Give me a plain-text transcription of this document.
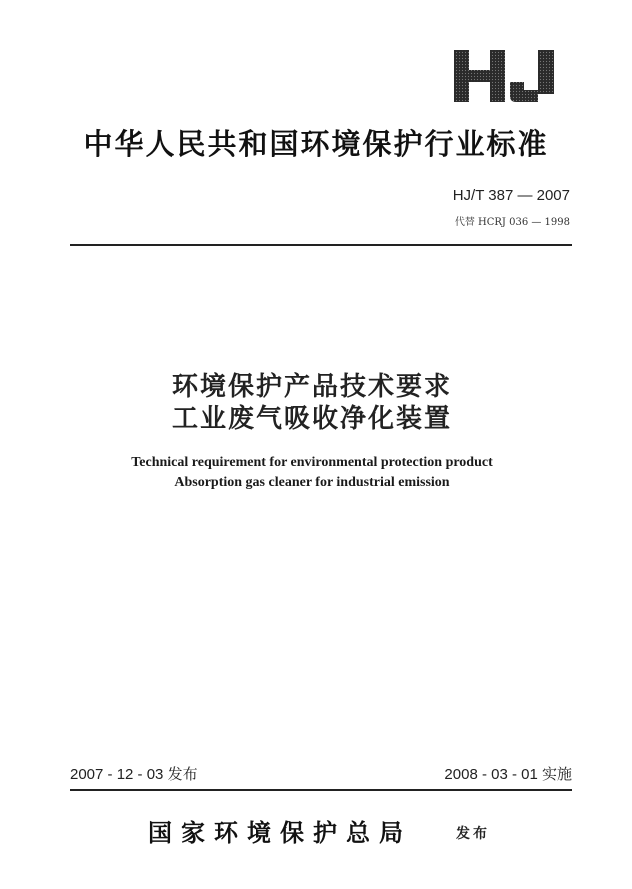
中华人民共和国环境保护行业标准
HJ/T 387 — 2007
代替 HCRJ 036 — 1998
环境保护产品技术要求
工业废气吸收净化装置
Technical requirement for environmental protection product
Absorption gas cleaner for industrial emission
2007 - 12 - 03 发布	2008 - 03 - 01 实施
国家环境保护总局	发布
